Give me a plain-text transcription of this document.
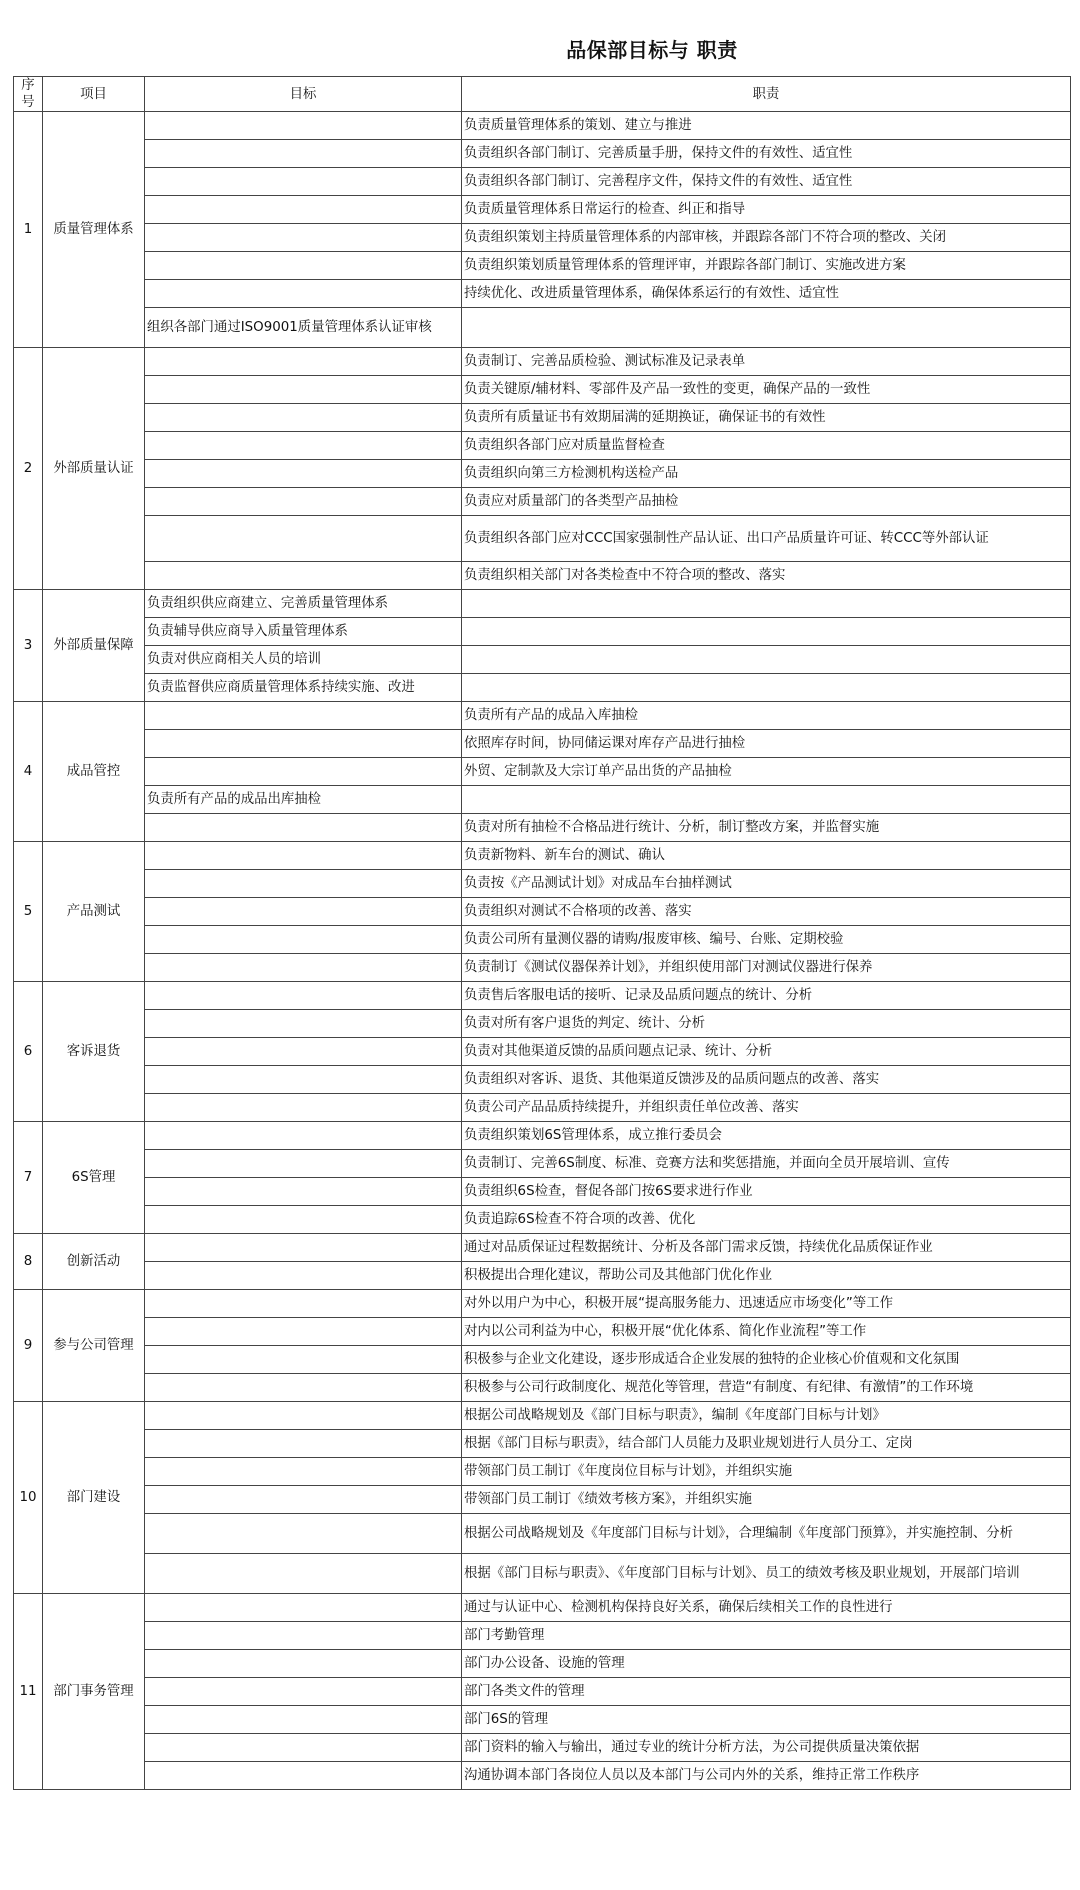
品保部目标与 职责
序号	项目	目标	职责
1	质量管理体系		负责质量管理体系的策划、建立与推进
			负责组织各部门制订、完善质量手册，保持文件的有效性、适宜性
			负责组织各部门制订、完善程序文件，保持文件的有效性、适宜性
			负责质量管理体系日常运行的检查、纠正和指导
			负责组织策划主持质量管理体系的内部审核，并跟踪各部门不符合项的整改、关闭
			负责组织策划质量管理体系的管理评审，并跟踪各部门制订、实施改进方案
			持续优化、改进质量管理体系，确保体系运行的有效性、适宜性
		组织各部门通过ISO9001质量管理体系认证审核	
2	外部质量认证		负责制订、完善品质检验、测试标准及记录表单
			负责关键原/辅材料、零部件及产品一致性的变更，确保产品的一致性
			负责所有质量证书有效期届满的延期换证，确保证书的有效性
			负责组织各部门应对质量监督检查
			负责组织向第三方检测机构送检产品
			负责应对质量部门的各类型产品抽检
			负责组织各部门应对CCC国家强制性产品认证、出口产品质量许可证、转CCC等外部认证
			负责组织相关部门对各类检查中不符合项的整改、落实
3	外部质量保障	负责组织供应商建立、完善质量管理体系	
		负责辅导供应商导入质量管理体系	
		负责对供应商相关人员的培训	
		负责监督供应商质量管理体系持续实施、改进	
4	成品管控		负责所有产品的成品入库抽检
			依照库存时间，协同储运课对库存产品进行抽检
			外贸、定制款及大宗订单产品出货的产品抽检
		负责所有产品的成品出库抽检	
			负责对所有抽检不合格品进行统计、分析，制订整改方案，并监督实施
5	产品测试		负责新物料、新车台的测试、确认
			负责按《产品测试计划》对成品车台抽样测试
			负责组织对测试不合格项的改善、落实
			负责公司所有量测仪器的请购/报废审核、编号、台账、定期校验
			负责制订《测试仪器保养计划》，并组织使用部门对测试仪器进行保养
6	客诉退货		负责售后客服电话的接听、记录及品质问题点的统计、分析
			负责对所有客户退货的判定、统计、分析
			负责对其他渠道反馈的品质问题点记录、统计、分析
			负责组织对客诉、退货、其他渠道反馈涉及的品质问题点的改善、落实
			负责公司产品品质持续提升，并组织责任单位改善、落实
7	6S管理		负责组织策划6S管理体系，成立推行委员会
			负责制订、完善6S制度、标准、竞赛方法和奖惩措施，并面向全员开展培训、宣传
			负责组织6S检查，督促各部门按6S要求进行作业
			负责追踪6S检查不符合项的改善、优化
8	创新活动		通过对品质保证过程数据统计、分析及各部门需求反馈，持续优化品质保证作业
			积极提出合理化建议，帮助公司及其他部门优化作业
9	参与公司管理		对外以用户为中心，积极开展“提高服务能力、迅速适应市场变化”等工作
			对内以公司利益为中心，积极开展“优化体系、简化作业流程”等工作
			积极参与企业文化建设，逐步形成适合企业发展的独特的企业核心价值观和文化氛围
			积极参与公司行政制度化、规范化等管理，营造“有制度、有纪律、有激情”的工作环境
10	部门建设		根据公司战略规划及《部门目标与职责》，编制《年度部门目标与计划》
			根据《部门目标与职责》，结合部门人员能力及职业规划进行人员分工、定岗
			带领部门员工制订《年度岗位目标与计划》，并组织实施
			带领部门员工制订《绩效考核方案》，并组织实施
			根据公司战略规划及《年度部门目标与计划》，合理编制《年度部门预算》，并实施控制、分析
			根据《部门目标与职责》、《年度部门目标与计划》、员工的绩效考核及职业规划，开展部门培训
11	部门事务管理		通过与认证中心、检测机构保持良好关系，确保后续相关工作的良性进行
			部门考勤管理
			部门办公设备、设施的管理
			部门各类文件的管理
			部门6S的管理
			部门资料的输入与输出，通过专业的统计分析方法，为公司提供质量决策依据
			沟通协调本部门各岗位人员以及本部门与公司内外的关系，维持正常工作秩序
